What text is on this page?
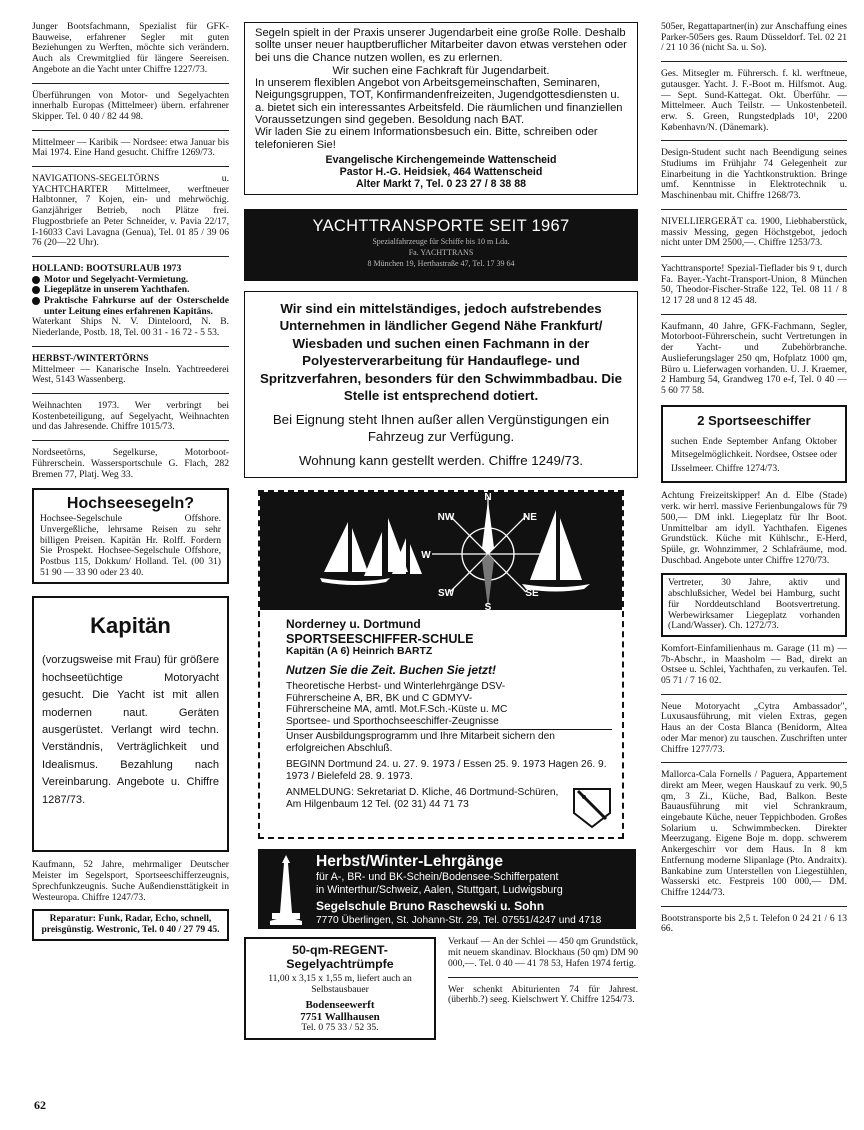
Junger Bootsfachmann, Spezialist für GFK-Bauweise, erfahrener Segler mit guten Beziehungen zu Werften, möchte sich verändern. Auch als Crewmitglied für längere Seereisen. Angebote an die Yacht unter Chiffre 1227/73.
Überführungen von Motor- und Segelyachten innerhalb Europas (Mittelmeer) übern. erfahrener Skipper. Tel. 0 40 / 82 44 98.
Mittelmeer — Karibik — Nordsee: etwa Januar bis Mai 1974. Eine Hand gesucht. Chiffre 1269/73.
NAVIGATIONS-SEGELTÖRNS u. YACHTCHARTER Mittelmeer, werftneuer Halbtonner, 7 Kojen, ein- und mehrwöchig. Ganzjähriger Betrieb, noch Plätze frei. Flugpostbriefe an Peter Schneider, v. Pavia 22/17, I-16033 Cavi Lavagna (Genua), Tel. 01 85 / 39 06 76 (20—22 Uhr).
HOLLAND: BOOTSURLAUB 1973
Motor und Segelyacht-Vermietung.
Liegeplätze in unserem Yachthafen.
Praktische Fahrkurse auf der Osterschelde unter Leitung eines erfahrenen Kapitäns.
Waterkant Ships N. V. Dinteloord, N. B. Niederlande, Postb. 18, Tel. 00 31 - 16 72 - 5 53.
HERBST-/WINTERTÖRNS
Mittelmeer — Kanarische Inseln. Yachtreederei West, 5143 Wassenberg.
Weihnachten 1973. Wer verbringt bei Kostenbeteiligung, auf Segelyacht, Weihnachten und das Jahresende. Chiffre 1015/73.
Nordseetörns, Segelkurse, Motorboot-Führerschein. Wassersportschule G. Flach, 282 Bremen 77, Platj. Weg 33.
Hochseesegeln?
Hochsee-Segelschule Offshore. Unvergeßliche, lehrsame Reisen zu sehr billigen Preisen. Kapitän Hr. Rolff. Fordern Sie Prospekt. Hochsee-Segelschule Offshore, Postbus 115, Dokkum/ Holland. Tel. (00 31) 51 90 — 33 90 oder 23 40.
Kapitän
(vorzugsweise mit Frau) für größere hochseetüchtige Motoryacht gesucht. Die Yacht ist mit allen modernen naut. Geräten ausgerüstet. Verlangt wird techn. Verständnis, Verträglichkeit und Idealismus. Bezahlung nach Vereinbarung. Angebote u. Chiffre 1287/73.
Kaufmann, 52 Jahre, mehrmaliger Deutscher Meister im Segelsport, Sportseeschifferzeugnis, Sprechfunkzeugnis. Suche Außendiensttätigkeit in Westeuropa. Chiffre 1247/73.
Reparatur: Funk, Radar, Echo, schnell, preisgünstig. Westronic, Tel. 0 40 / 27 79 45.
Segeln spielt in der Praxis unserer Jugendarbeit eine große Rolle. Deshalb sollte unser neuer hauptberuflicher Mitarbeiter davon etwas verstehen oder bei uns die Chance nutzen wollen, es zu erlernen.
Wir suchen eine Fachkraft für Jugendarbeit.
In unserem flexiblen Angebot von Arbeitsgemeinschaften, Seminaren, Neigungsgruppen, TOT, Konfirmandenfreizeiten, Jugendgottesdiensten u. a. bietet sich ein interessantes Arbeitsfeld. Die räumlichen und finanziellen Voraussetzungen sind gegeben. Besoldung nach BAT.
Wir laden Sie zu einem Informationsbesuch ein. Bitte, schreiben oder telefonieren Sie!
Evangelische Kirchengemeinde Wattenscheid
Pastor H.-G. Heidsiek, 464 Wattenscheid
Alter Markt 7, Tel. 0 23 27 / 8 38 88
YACHTTRANSPORTE SEIT 1967
Spezialfahrzeuge für Schiffe bis 10 m Lda.
Fa. YACHTTRANS
8 München 19, Herthastraße 47, Tel. 17 39 64
Wir sind ein mittelständiges, jedoch aufstrebendes Unternehmen in ländlicher Gegend Nähe Frankfurt/ Wiesbaden und suchen einen Fachmann in der Polyesterverarbeitung für Handauflege- und Spritzverfahren, besonders für den Schwimmbadbau. Die Stelle ist entsprechend dotiert.
Bei Eignung steht Ihnen außer allen Vergünstigungen ein Fahrzeug zur Verfügung.
Wohnung kann gestellt werden. Chiffre 1249/73.
N
NE
E
SE
S
SW
W
NW
Norderney u. Dortmund
SPORTSEESCHIFFER-SCHULE
Kapitän (A 6) Heinrich BARTZ
Nutzen Sie die Zeit. Buchen Sie jetzt!
Theoretische Herbst- und Winterlehrgänge DSV-Führerscheine A, BR, BK und C GDMYV-Führerscheine MA, amtl. Mot.F.Sch.-Küste u. MC Sportsee- und Sporthochseeschiffer-Zeugnisse
Unser Ausbildungsprogramm und Ihre Mitarbeit sichern den erfolgreichen Abschluß.
BEGINN Dortmund 24. u. 27. 9. 1973 / Essen 25. 9. 1973 Hagen 26. 9. 1973 / Bielefeld 28. 9. 1973.
ANMELDUNG: Sekretariat D. Kliche, 46 Dortmund-Schüren, Am Hilgenbaum 12 Tel. (02 31) 44 71 73
Herbst/Winter-Lehrgänge
für A-, BR- und BK-Schein/Bodensee-Schifferpatent
in Winterthur/Schweiz, Aalen, Stuttgart, Ludwigsburg
Segelschule Bruno Raschewski u. Sohn
7770 Überlingen, St. Johann-Str. 29, Tel. 07551/4247 und 4718
50-qm-REGENT-Segelyachtrümpfe
11,00 x 3,15 x 1,55 m, liefert auch an Selbstausbauer
Bodenseewerft
7751 Wallhausen
Tel. 0 75 33 / 52 35.
Verkauf — An der Schlei — 450 qm Grundstück, mit neuem skandinav. Blockhaus (50 qm) DM 90 000,—. Tel. 0 40 — 41 78 53, Hafen 1974 fertig.
Wer schenkt Abiturienten 74 für Jahrest. (überhb.?) seeg. Kielschwert Y. Chiffre 1254/73.
505er, Regattapartner(in) zur Anschaffung eines Parker-505ers ges. Raum Düsseldorf. Tel. 02 21 / 21 10 36 (nicht Sa. u. So).
Ges. Mitsegler m. Führersch. f. kl. werftneue, gutausger. Yacht. J. F.-Boot m. Hilfsmot. Aug. — Sept. Sund-Kattegat. Okt. Überführ. — Mittelmeer. Auch Teilstr. — Unkostenbeteil. erw. S. Green, Rungstedplads 10¹, 2200 København/N. (Dänemark).
Design-Student sucht nach Beendigung seines Studiums im Frühjahr 74 Gelegenheit zur Einarbeitung in die Yachtkonstruktion. Bringe umf. Kenntnisse in Elektrotechnik u. Maschinenbau mit. Chiffre 1268/73.
NIVELLIERGERÄT ca. 1900, Liebhaberstück, massiv Messing, gegen Höchstgebot, jedoch nicht unter DM 2500,—. Chiffre 1253/73.
Yachttransporte! Spezial-Tieflader bis 9 t, durch Fa. Bayer.-Yacht-Transport-Union, 8 München 50, Theodor-Fischer-Straße 122, Tel. 08 11 / 8 12 17 28 und 8 12 45 48.
Kaufmann, 40 Jahre, GFK-Fachmann, Segler, Motorboot-Führerschein, sucht Vertretungen in der Yacht- und Zubehörbranche. Auslieferungslager 250 qm, Hofplatz 1000 qm, Büro u. Lieferwagen vorhanden. U. J. Kraemer, 2 Hamburg 54, Grandweg 170 e-f, Tel. 0 40 — 5 60 77 58.
2 Sportseeschiffer
suchen Ende September Anfang Oktober Mitsegelmöglichkeit. Nordsee, Ostsee oder IJsselmeer. Chiffre 1274/73.
Achtung Freizeitskipper! An d. Elbe (Stade) verk. wir herrl. massive Ferienbungalows für 79 500,— DM inkl. Liegeplatz für Ihr Boot. Unmittelbar am idyll. Yachthafen. Eigenes Grundstück. Küche mit Kühlschr., E-Herd, Spüle, gr. Wohnzimmer, 2 Schlafräume, mod. Duschbad. Angebote unter Chiffre 1270/73.
Vertreter, 30 Jahre, aktiv und abschlußsicher, Wedel bei Hamburg, sucht für Norddeutschland Bootsvertretung. Werbewirksamer Liegeplatz vorhanden (Land/Wasser). Ch. 1272/73.
Komfort-Einfamilienhaus m. Garage (11 m) — 7b-Abschr., in Maasholm — Bad, direkt an Ostsee u. Schlei, Yachthafen, zu verkaufen. Tel. 05 71 / 7 16 02.
Neue Motoryacht „Cytra Ambassador", Luxusausführung, mit vielen Extras, gegen Haus an der Costa Blanca (Benidorm, Altea oder Mar menor) zu tauschen. Zuschriften unter Chiffre 1277/73.
Mallorca-Cala Fornells / Paguera, Appartement direkt am Meer, wegen Hauskauf zu verk. 90,5 qm, 3 Zi., Küche, Bad, Balkon. Beste Bauausführung mit viel Schrankraum, eingebaute Küche, neuer Teppichboden. Großes Solarium u. Schwimmbecken. Direkter Meerzugang. Eigene Boje m. dopp. schwerem Ankergeschirr vor dem Haus. In 8 km Entfernung moderne Slipanlage (Pto. Andraitx). Bankabine zum Unterstellen von Liegestühlen, Wasserski etc. Festpreis 100 000,— DM. Chiffre 1244/73.
Bootstransporte bis 2,5 t. Telefon 0 24 21 / 6 13 66.
62
